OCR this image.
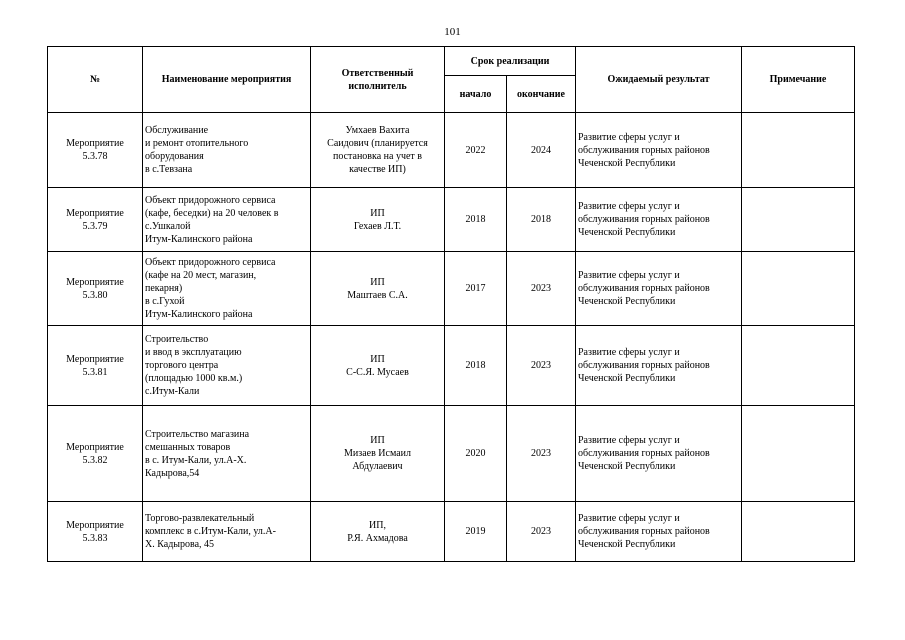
101
№	Наименование мероприятия	Ответственный исполнитель	Срок реализации		Ожидаемый результат	Примечание
			начало	окончание		

Мероприятие
5.3.78	Обслуживание
и ремонт отопительного
оборудования
в с.Тевзана	Умхаев Вахита
Саидович (планируется
постановка на учет в
качестве ИП)	2022	2024	Развитие сферы услуг и
обслуживания горных районов
Чеченской Республики	

Мероприятие
5.3.79	Объект придорожного сервиса
(кафе, беседки) на 20 человек в
с.Ушкалой
Итум-Калинского района	ИП
Гехаев Л.Т.	2018	2018	Развитие сферы услуг и
обслуживания горных районов
Чеченской Республики	

Мероприятие
5.3.80	Объект придорожного сервиса
(кафе на 20 мест, магазин,
пекарня)
в с.Гухой
Итум-Калинского района	ИП
Маштаев С.А.	2017	2023	Развитие сферы услуг и
обслуживания горных районов
Чеченской Республики	

Мероприятие
5.3.81	Строительство
и ввод в эксплуатацию
торгового центра
(площадью 1000 кв.м.)
с.Итум-Кали	ИП
С-С.Я. Мусаев	2018	2023	Развитие сферы услуг и
обслуживания горных районов
Чеченской Республики	

Мероприятие
5.3.82	Строительство магазина
смешанных товаров
в с. Итум-Кали, ул.А-Х.
Кадырова,54	ИП
Мизаев Исмаил
Абдулаевич	2020	2023	Развитие сферы услуг и
обслуживания горных районов
Чеченской Республики	

Мероприятие
5.3.83	Торгово-развлекательный
комплекс в с.Итум-Кали, ул.А-
Х. Кадырова, 45	ИП,
Р.Я. Ахмадова	2019	2023	Развитие сферы услуг и
обслуживания горных районов
Чеченской Республики	
